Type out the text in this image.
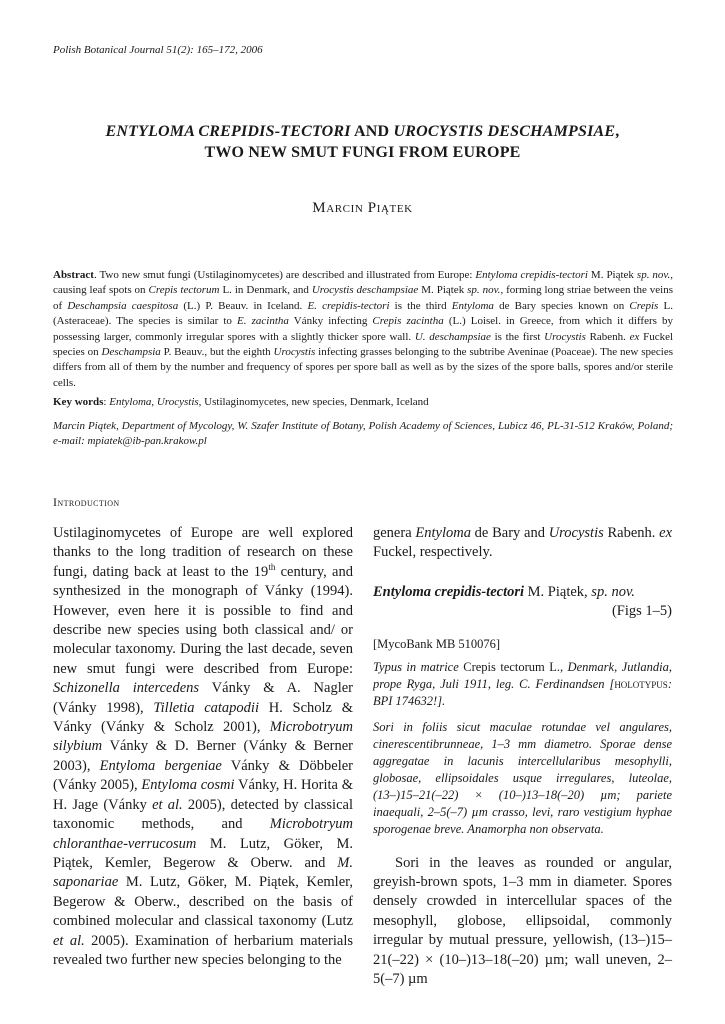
Polish Botanical Journal 51(2): 165–172, 2006
ENTYLOMA CREPIDIS-TECTORI AND UROCYSTIS DESCHAMPSIAE,
TWO NEW SMUT FUNGI FROM EUROPE
Marcin Piątek

Abstract. Two new smut fungi (Ustilaginomycetes) are described and illustrated from Europe: Entyloma crepidis-tectori M. Piątek sp. nov., causing leaf spots on Crepis tectorum L. in Denmark, and Urocystis deschampsiae M. Piątek sp. nov., forming long striae between the veins of Deschampsia caespitosa (L.) P. Beauv. in Iceland. E. crepidis-tectori is the third Entyloma de Bary species known on Crepis L. (Asteraceae). The species is similar to E. zacintha Vánky infecting Crepis zacintha (L.) Loisel. in Greece, from which it differs by possessing larger, commonly irregular spores with a slightly thicker spore wall. U. deschampsiae is the first Urocystis Rabenh. ex Fuckel species on Deschampsia P. Beauv., but the eighth Urocystis infecting grasses belonging to the subtribe Aveninae (Poaceae). The new species differs from all of them by the number and frequency of spores per spore ball as well as by the sizes of the spore balls, spores and/or sterile cells.

Key words: Entyloma, Urocystis, Ustilaginomycetes, new species, Denmark, Iceland

Marcin Piątek, Department of Mycology, W. Szafer Institute of Botany, Polish Academy of Sciences, Lubicz 46, PL-31-512 Kraków, Poland; e-mail: mpiatek@ib-pan.krakow.pl

Introduction

Ustilaginomycetes of Europe are well explored thanks to the long tradition of research on these fungi, dating back at least to the 19th century, and synthesized in the monograph of Vánky (1994). However, even here it is possible to find and describe new species using both classical and/ or molecular taxonomy. During the last decade, seven new smut fungi were described from Europe: Schizonella intercedens Vánky & A. Nagler (Vánky 1998), Tilletia catapodii H. Scholz & Vánky (Vánky & Scholz 2001), Microbotryum silybium Vánky & D. Berner (Vánky & Berner 2003), Entyloma bergeniae Vánky & Döbbeler (Vánky 2005), Entyloma cosmi Vánky, H. Horita & H. Jage (Vánky et al. 2005), detected by classical taxonomic methods, and Microbotryum chloranthae-verrucosum M. Lutz, Göker, M. Piątek, Kemler, Begerow & Oberw. and M. saponariae M. Lutz, Göker, M. Piątek, Kemler, Begerow & Oberw., described on the basis of combined molecular and classical taxonomy (Lutz et al. 2005). Examination of herbarium materials revealed two further new species belonging to the

genera Entyloma de Bary and Urocystis Rabenh. ex Fuckel, respectively.

Entyloma crepidis-tectori M. Piątek, sp. nov.

(Figs 1–5)

[MycoBank MB 510076]

Typus in matrice Crepis tectorum L., Denmark, Jutlandia, prope Ryga, Juli 1911, leg. C. Ferdinandsen [holotypus: BPI 174632!].

Sori in foliis sicut maculae rotundae vel angulares, cinerescentibrunneae, 1–3 mm diametro. Sporae dense aggregatae in lacunis intercellularibus mesophylli, globosae, ellipsoidales usque irregulares, luteolae, (13–)15–21(–22) × (10–)13–18(–20) µm; pariete inaequali, 2–5(–7) µm crasso, levi, raro vestigium hyphae sporogenae breve. Anamorpha non observata.

Sori in the leaves as rounded or angular, greyish-brown spots, 1–3 mm in diameter. Spores densely crowded in intercellular spaces of the mesophyll, globose, ellipsoidal, commonly irregular by mutual pressure, yellowish, (13–)15–21(–22) × (10–)13–18(–20) µm; wall uneven, 2–5(–7) µm
